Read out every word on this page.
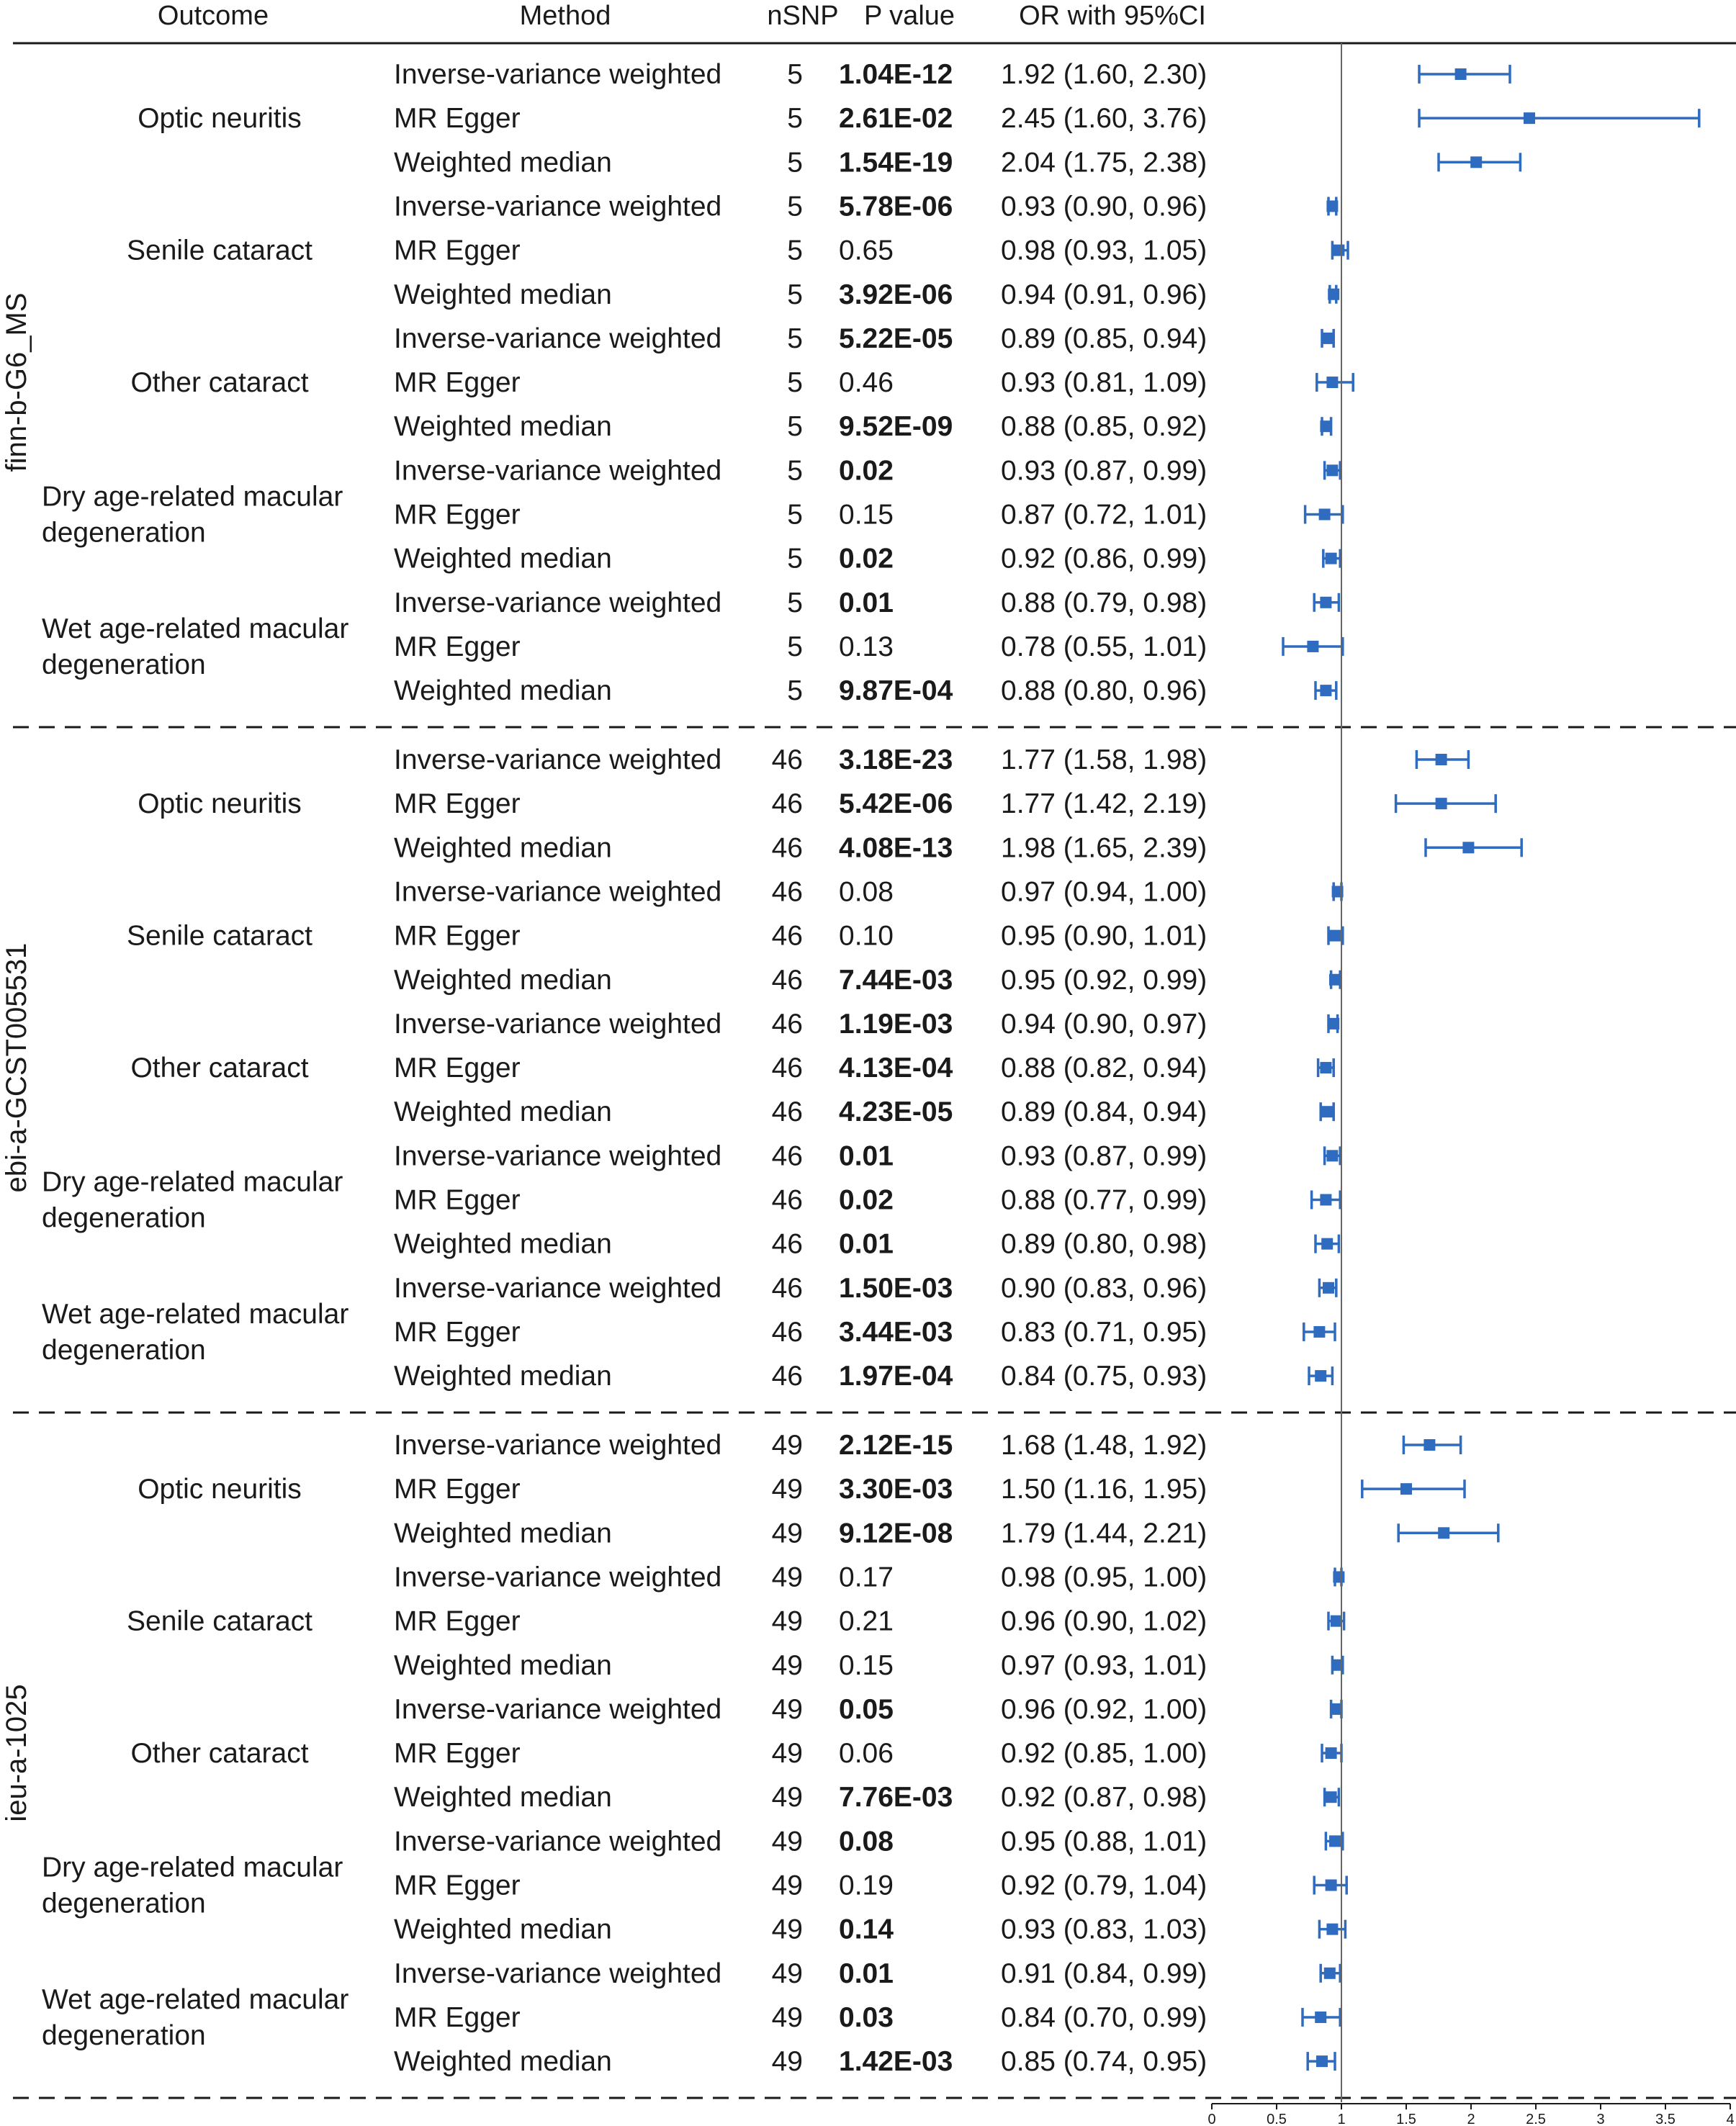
Outcome	Method	nSNP P value OR with 95%CI
finn-b-G6_MS
Optic neuritis
Inverse-variance weighted 5 1.04E-12 1.92 (1.60, 2.30)
MR Egger	5 2.61E-02 2.45 (1.60, 3.76)
Weighted median	5 1.54E-19 2.04 (1.75, 2.38)
Senile cataract
Inverse-variance weighted 5 5.78E-06 0.93 (0.90, 0.96)
MR Egger	5 0.65	0.98 (0.93, 1.05)
Weighted median	5 3.92E-06 0.94 (0.91, 0.96)
Other cataract
Inverse-variance weighted 5 5.22E-05 0.89 (0.85, 0.94)
MR Egger	5 0.46	0.93 (0.81, 1.09)
Weighted median	5 9.52E-09 0.88 (0.85, 0.92)
Dry age-related macular
degeneration
Inverse-variance weighted 5 0.02	0.93 (0.87, 0.99)
MR Egger	5 0.15	0.87 (0.72, 1.01)
Weighted median	5 0.02	0.92 (0.86, 0.99)
Wet age-related macular
degeneration
Inverse-variance weighted 5 0.01	0.88 (0.79, 0.98)
MR Egger	5 0.13	0.78 (0.55, 1.01)
Weighted median	5 9.87E-04 0.88 (0.80, 0.96)
ebi-a-GCST005531
Optic neuritis
Inverse-variance weighted 46 3.18E-23 1.77 (1.58, 1.98)
MR Egger	46 5.42E-06 1.77 (1.42, 2.19)
Weighted median	46 4.08E-13 1.98 (1.65, 2.39)
Senile cataract
Inverse-variance weighted 46 0.08	0.97 (0.94, 1.00)
MR Egger	46 0.10	0.95 (0.90, 1.01)
Weighted median	46 7.44E-03 0.95 (0.92, 0.99)
Other cataract
Inverse-variance weighted 46 1.19E-03 0.94 (0.90, 0.97)
MR Egger	46 4.13E-04 0.88 (0.82, 0.94)
Weighted median	46 4.23E-05 0.89 (0.84, 0.94)
Dry age-related macular
degeneration
Inverse-variance weighted 46 0.01	0.93 (0.87, 0.99)
MR Egger	46 0.02	0.88 (0.77, 0.99)
Weighted median	46 0.01	0.89 (0.80, 0.98)
Wet age-related macular
degeneration
Inverse-variance weighted 46 1.50E-03 0.90 (0.83, 0.96)
MR Egger	46 3.44E-03 0.83 (0.71, 0.95)
Weighted median	46 1.97E-04 0.84 (0.75, 0.93)
ieu-a-1025
Optic neuritis
Inverse-variance weighted 49 2.12E-15 1.68 (1.48, 1.92)
MR Egger	49 3.30E-03 1.50 (1.16, 1.95)
Weighted median	49 9.12E-08 1.79 (1.44, 2.21)
Senile cataract
Inverse-variance weighted 49 0.17	0.98 (0.95, 1.00)
MR Egger	49 0.21	0.96 (0.90, 1.02)
Weighted median	49 0.15	0.97 (0.93, 1.01)
Other cataract
Inverse-variance weighted 49 0.05	0.96 (0.92, 1.00)
MR Egger	49 0.06	0.92 (0.85, 1.00)
Weighted median	49 7.76E-03 0.92 (0.87, 0.98)
Dry age-related macular
degeneration
Inverse-variance weighted 49 0.08	0.95 (0.88, 1.01)
MR Egger	49 0.19	0.92 (0.79, 1.04)
Weighted median	49 0.14	0.93 (0.83, 1.03)
Wet age-related macular
degeneration
Inverse-variance weighted 49 0.01	0.91 (0.84, 0.99)
MR Egger	49 0.03	0.84 (0.70, 0.99)
Weighted median	49 1.42E-03 0.85 (0.74, 0.95)
0	0.5	1	1.5	2	2.5	3	3.5	4
